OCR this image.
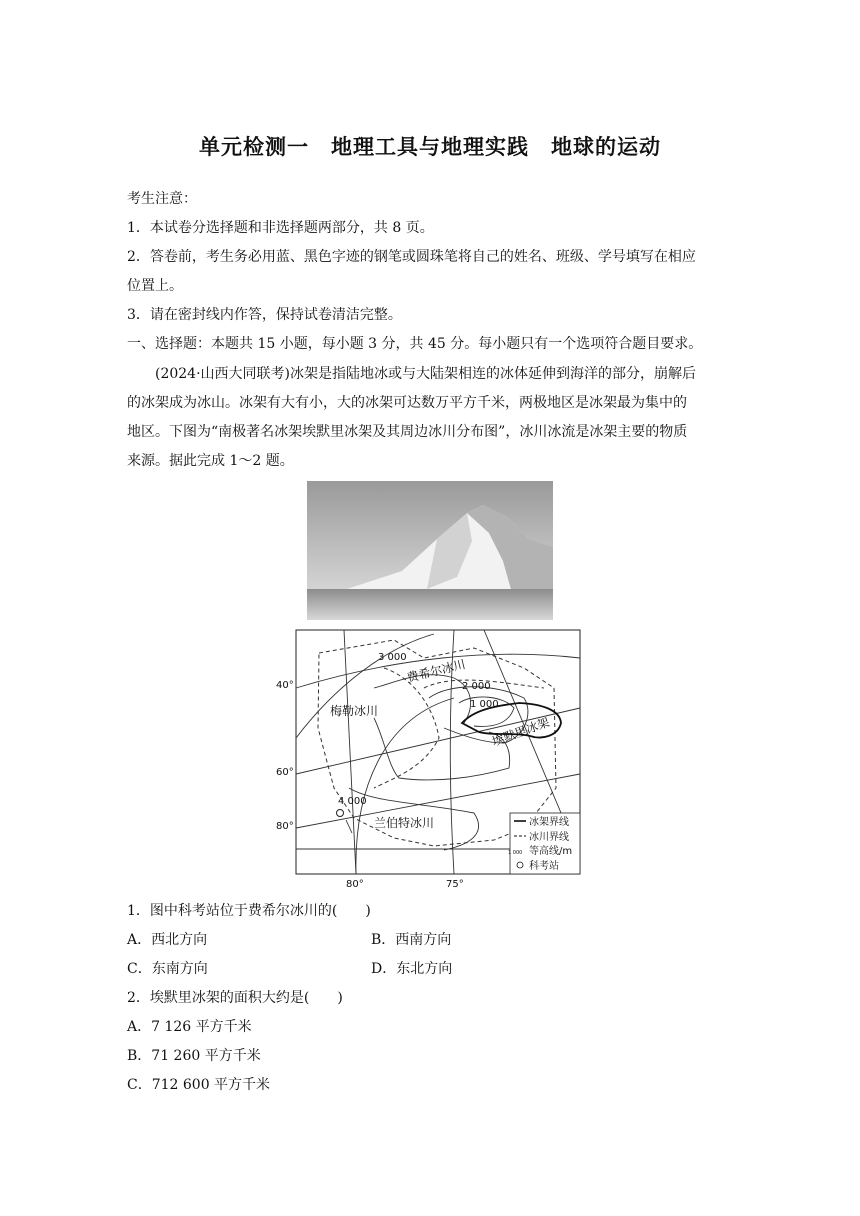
单元检测一　地理工具与地理实践　地球的运动
考生注意：
1．本试卷分选择题和非选择题两部分，共 8 页。
2．答卷前，考生务必用蓝、黑色字迹的钢笔或圆珠笔将自己的姓名、班级、学号填写在相应
位置上。
3．请在密封线内作答，保持试卷清洁完整。
一、选择题：本题共 15 小题，每小题 3 分，共 45 分。每小题只有一个选项符合题目要求。
(2024·山西大同联考)冰架是指陆地冰或与大陆架相连的冰体延伸到海洋的部分，崩解后
的冰架成为冰山。冰架有大有小，大的冰架可达数万平方千米，两极地区是冰架最为集中的
地区。下图为“南极著名冰架埃默里冰架及其周边冰川分布图”，冰川冰流是冰架主要的物质
来源。据此完成 1～2 题。
40°
60°
80°
80°	75°
3 000
2 000
1 000
4 000
费希尔冰川
梅勒冰川
埃默里冰架
兰伯特冰川	冰架界线
冰川界线
1 000 等高线/m
科考站
1．图中科考站位于费希尔冰川的(　　)
A．西北方向	B．西南方向
C．东南方向	D．东北方向
2．埃默里冰架的面积大约是(　　)
A．7 126 平方千米
B．71 260 平方千米
C．712 600 平方千米
